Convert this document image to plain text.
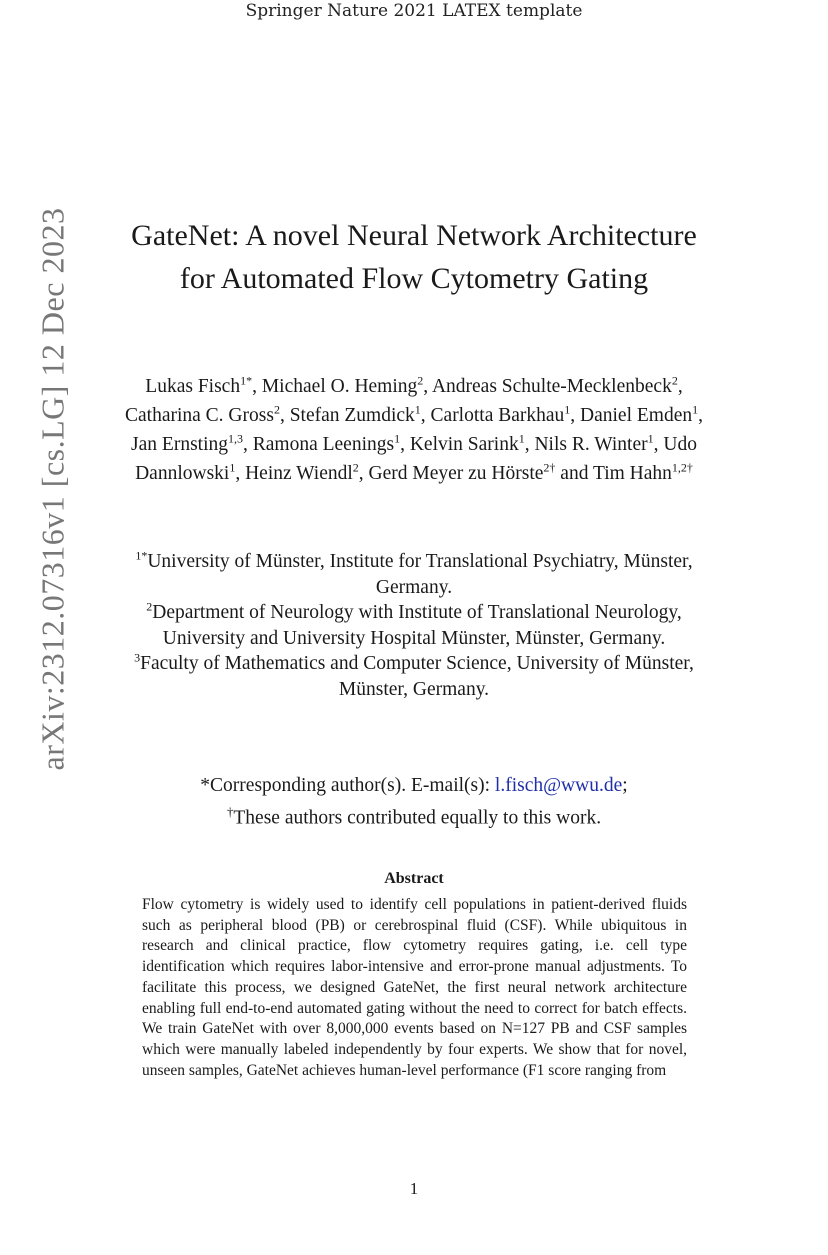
Springer Nature 2021 LATEX template
arXiv:2312.07316v1 [cs.LG] 12 Dec 2023	GateNet: A novel Neural Network Architecture for Automated Flow Cytometry Gating
Lukas Fisch$^{1*}$, Michael O. Heming$^2$, Andreas Schulte-Mecklenbeck$^2$, Catharina C. Gross$^2$, Stefan Zumdick$^1$, Carlotta Barkhau$^1$, Daniel Emden$^1$, Jan Ernsting$^{1,3}$, Ramona Leenings$^1$, Kelvin Sarink$^1$, Nils R. Winter$^1$, Udo Dannlowski$^1$, Heinz Wiendl$^2$, Gerd Meyer zu Hörste$^{2\dagger}$ and Tim Hahn$^{1,2\dagger}$
$^{1*}$University of Münster, Institute for Translational Psychiatry, Münster, Germany.
$^2$Department of Neurology with Institute of Translational Neurology, University and University Hospital Münster, Münster, Germany.
$^3$Faculty of Mathematics and Computer Science, University of Münster, Münster, Germany.
*Corresponding author(s). E-mail(s): l.fisch@wwu.de;
†These authors contributed equally to this work.
Abstract

Flow cytometry is widely used to identify cell populations in patient-derived fluids such as peripheral blood (PB) or cerebrospinal fluid (CSF). While ubiquitous in research and clinical practice, flow cytometry requires gating, i.e. cell type identification which requires labor-intensive and error-prone manual adjustments. To facilitate this process, we designed GateNet, the first neural network architecture enabling full end-to-end automated gating without the need to correct for batch effects. We train GateNet with over 8,000,000 events based on N=127 PB and CSF samples which were manually labeled independently by four experts. We show that for novel, unseen samples, GateNet achieves human-level performance (F1 score ranging from

1
